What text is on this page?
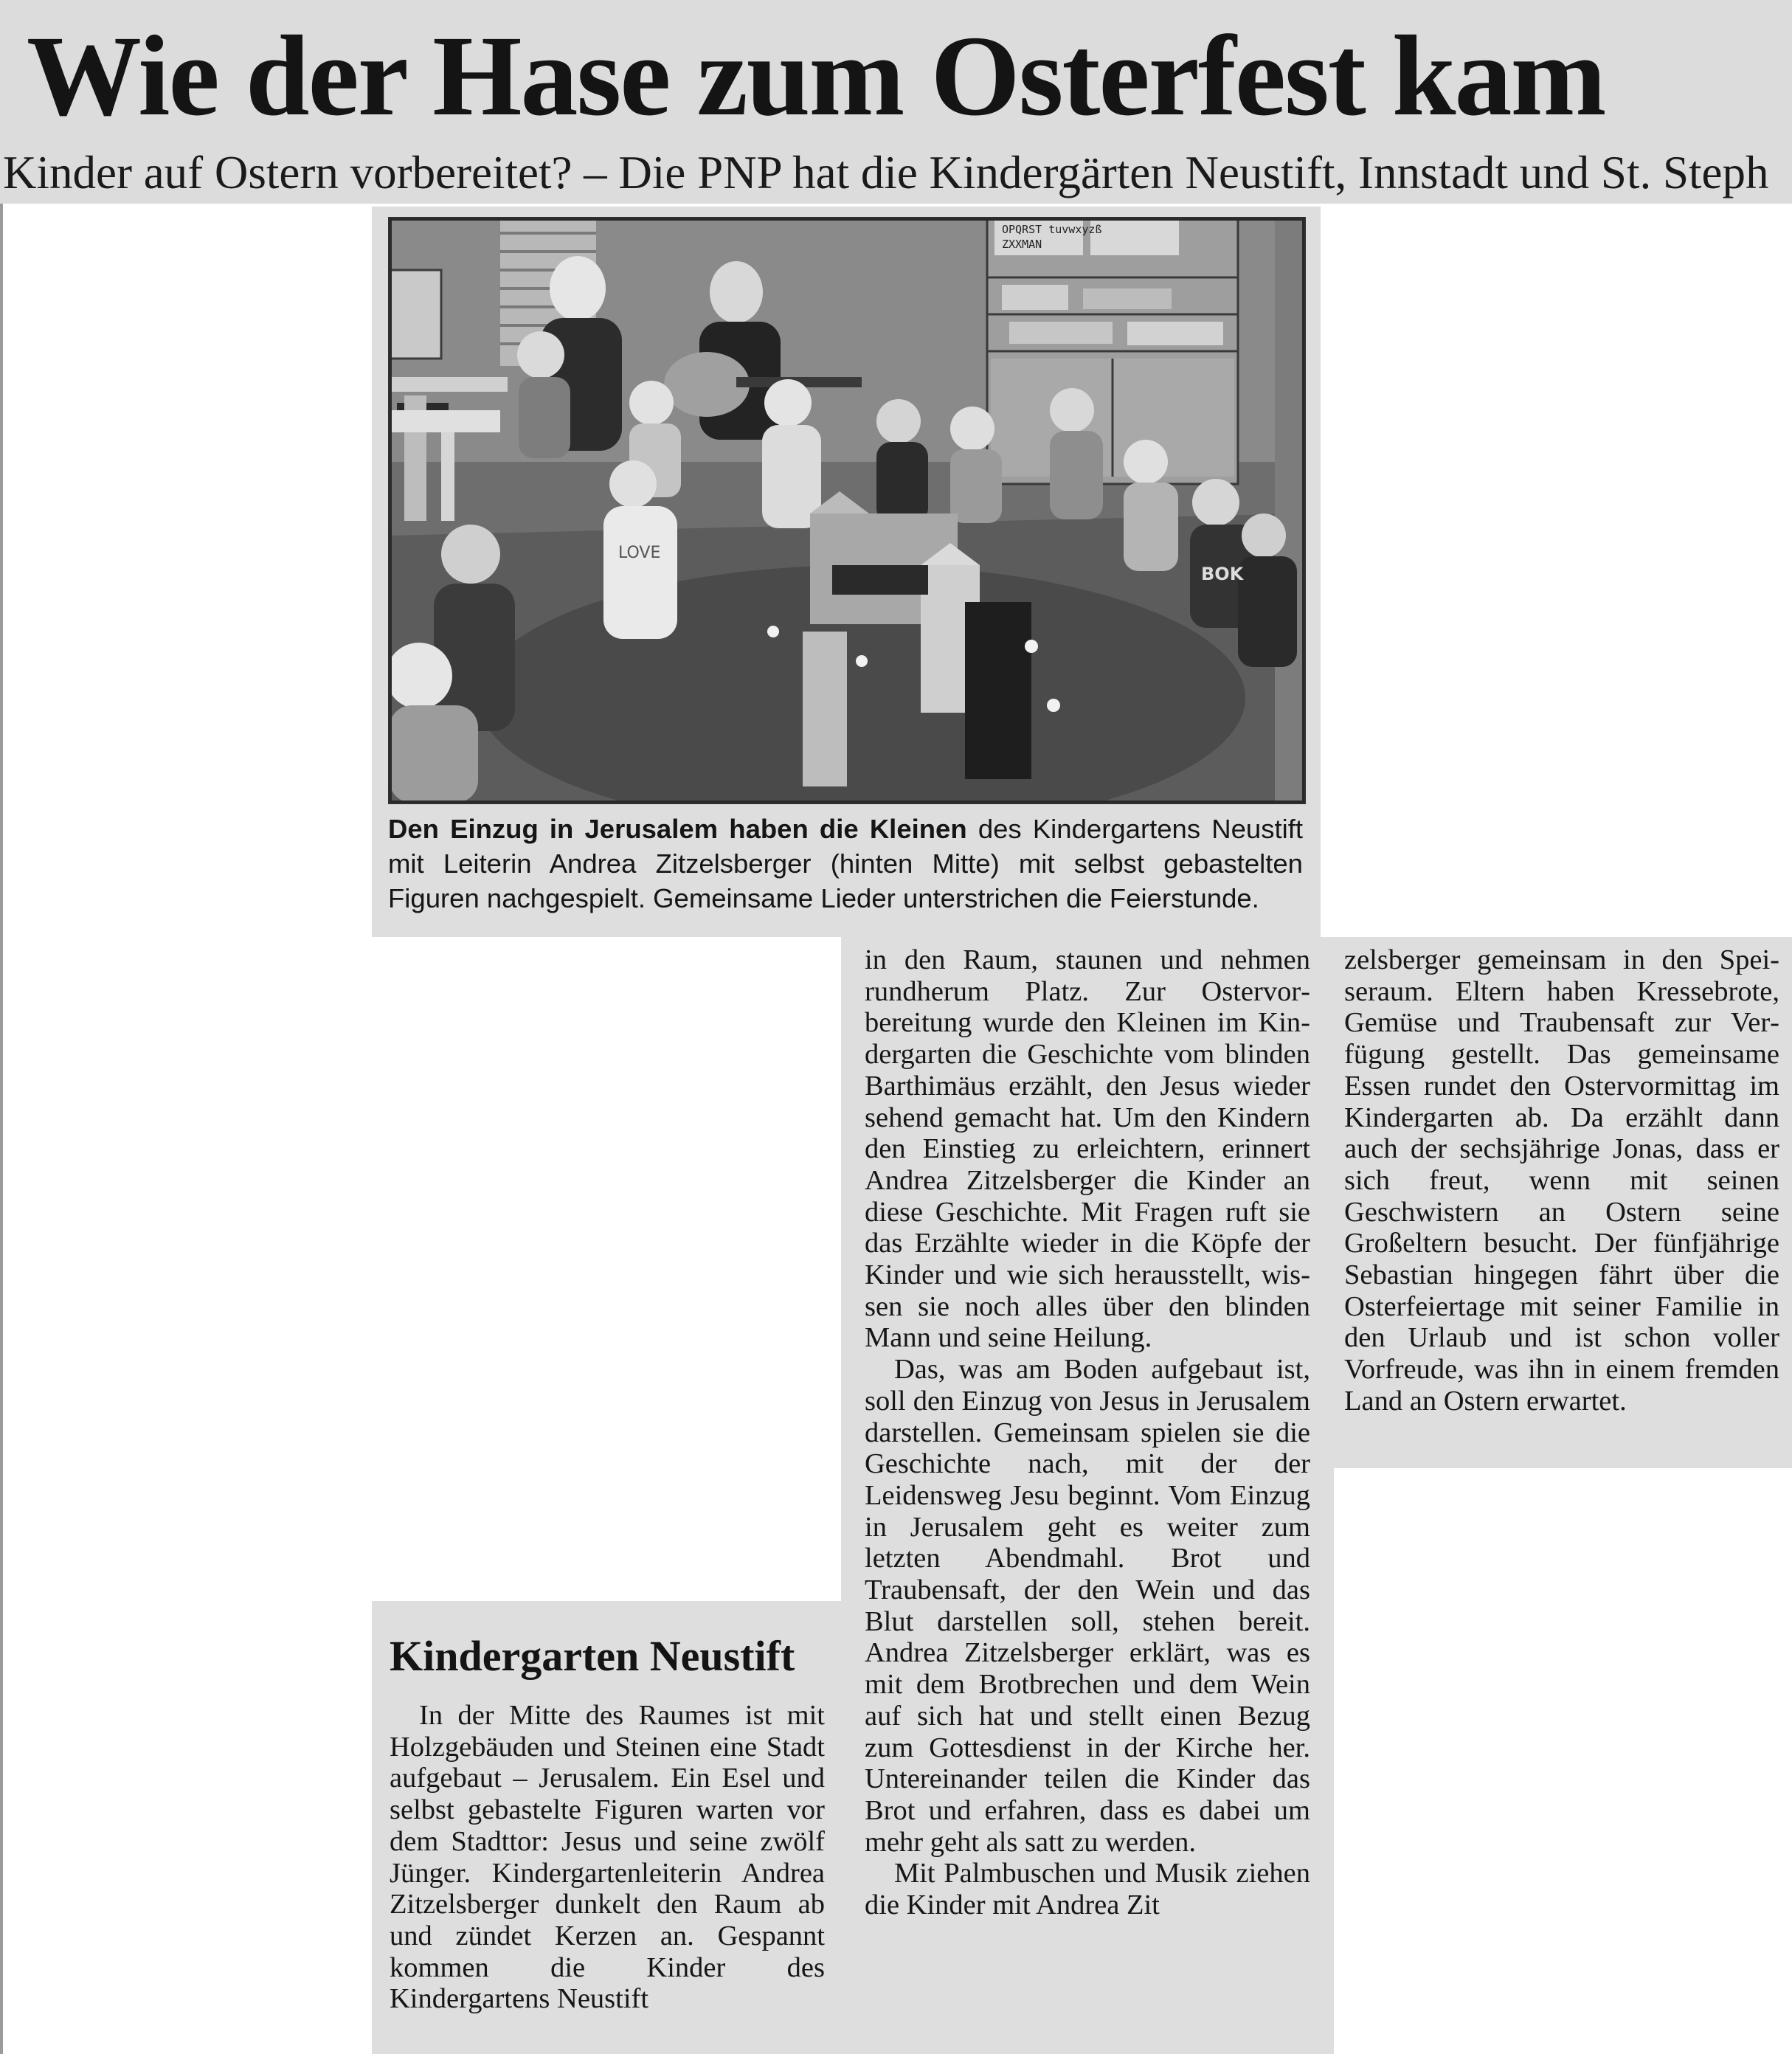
Wie der Hase zum Osterfest kam
Kinder auf Ostern vorbereitet? – Die PNP hat die Kindergärten Neustift, Innstadt und St. Steph
OPQRST tuvwxyzß
ZXXMAN
BOK
LOVE
Den Einzug in Jerusalem haben die Kleinen des Kindergartens Neustift mit Leiterin Andrea Zitzelsberger (hinten Mitte) mit selbst gebastelten Figuren nachgespielt. Gemeinsame Lieder unterstrichen die Feierstunde.

in den Raum, staunen und nehmen rundherum Platz. Zur Ostervorbereitung wurde den Kleinen im Kindergarten die Geschichte vom blinden Barthimäus erzählt, den Jesus wieder sehend gemacht hat. Um den Kindern den Einstieg zu erleichtern, erinnert Andrea Zitzelsberger die Kinder an diese Geschichte. Mit Fragen ruft sie das Erzählte wieder in die Köpfe der Kinder und wie sich herausstellt, wissen sie noch alles über den blinden Mann und seine Heilung.

Das, was am Boden aufgebaut ist, soll den Einzug von Jesus in Jerusalem darstellen. Gemeinsam spielen sie die Geschichte nach, mit der der Leidensweg Jesu beginnt. Vom Einzug in Jerusalem geht es weiter zum letzten Abendmahl. Brot und Traubensaft, der den Wein und das Blut darstellen soll, stehen bereit. Andrea Zitzelsberger erklärt, was es mit dem Brotbrechen und dem Wein auf sich hat und stellt einen Bezug zum Gottesdienst in der Kirche her. Untereinander teilen die Kinder das Brot und erfahren, dass es dabei um mehr geht als satt zu werden.

Mit Palmbuschen und Musik ziehen die Kinder mit Andrea Zit

zelsberger gemeinsam in den Speiseraum. Eltern haben Kressebrote, Gemüse und Traubensaft zur Verfügung gestellt. Das gemeinsame Essen rundet den Ostervormittag im Kindergarten ab. Da erzählt dann auch der sechsjährige Jonas, dass er sich freut, wenn mit seinen Geschwistern an Ostern seine Großeltern besucht. Der fünfjährige Sebastian hingegen fährt über die Osterfeiertage mit seiner Familie in den Urlaub und ist schon voller Vorfreude, was ihn in einem fremden Land an Ostern erwartet.

Kindergarten Neustift

In der Mitte des Raumes ist mit Holzgebäuden und Steinen eine Stadt aufgebaut – Jerusalem. Ein Esel und selbst gebastelte Figuren warten vor dem Stadttor: Jesus und seine zwölf Jünger. Kindergartenleiterin Andrea Zitzelsberger dunkelt den Raum ab und zündet Kerzen an. Gespannt kommen die Kinder des Kindergartens Neustift
